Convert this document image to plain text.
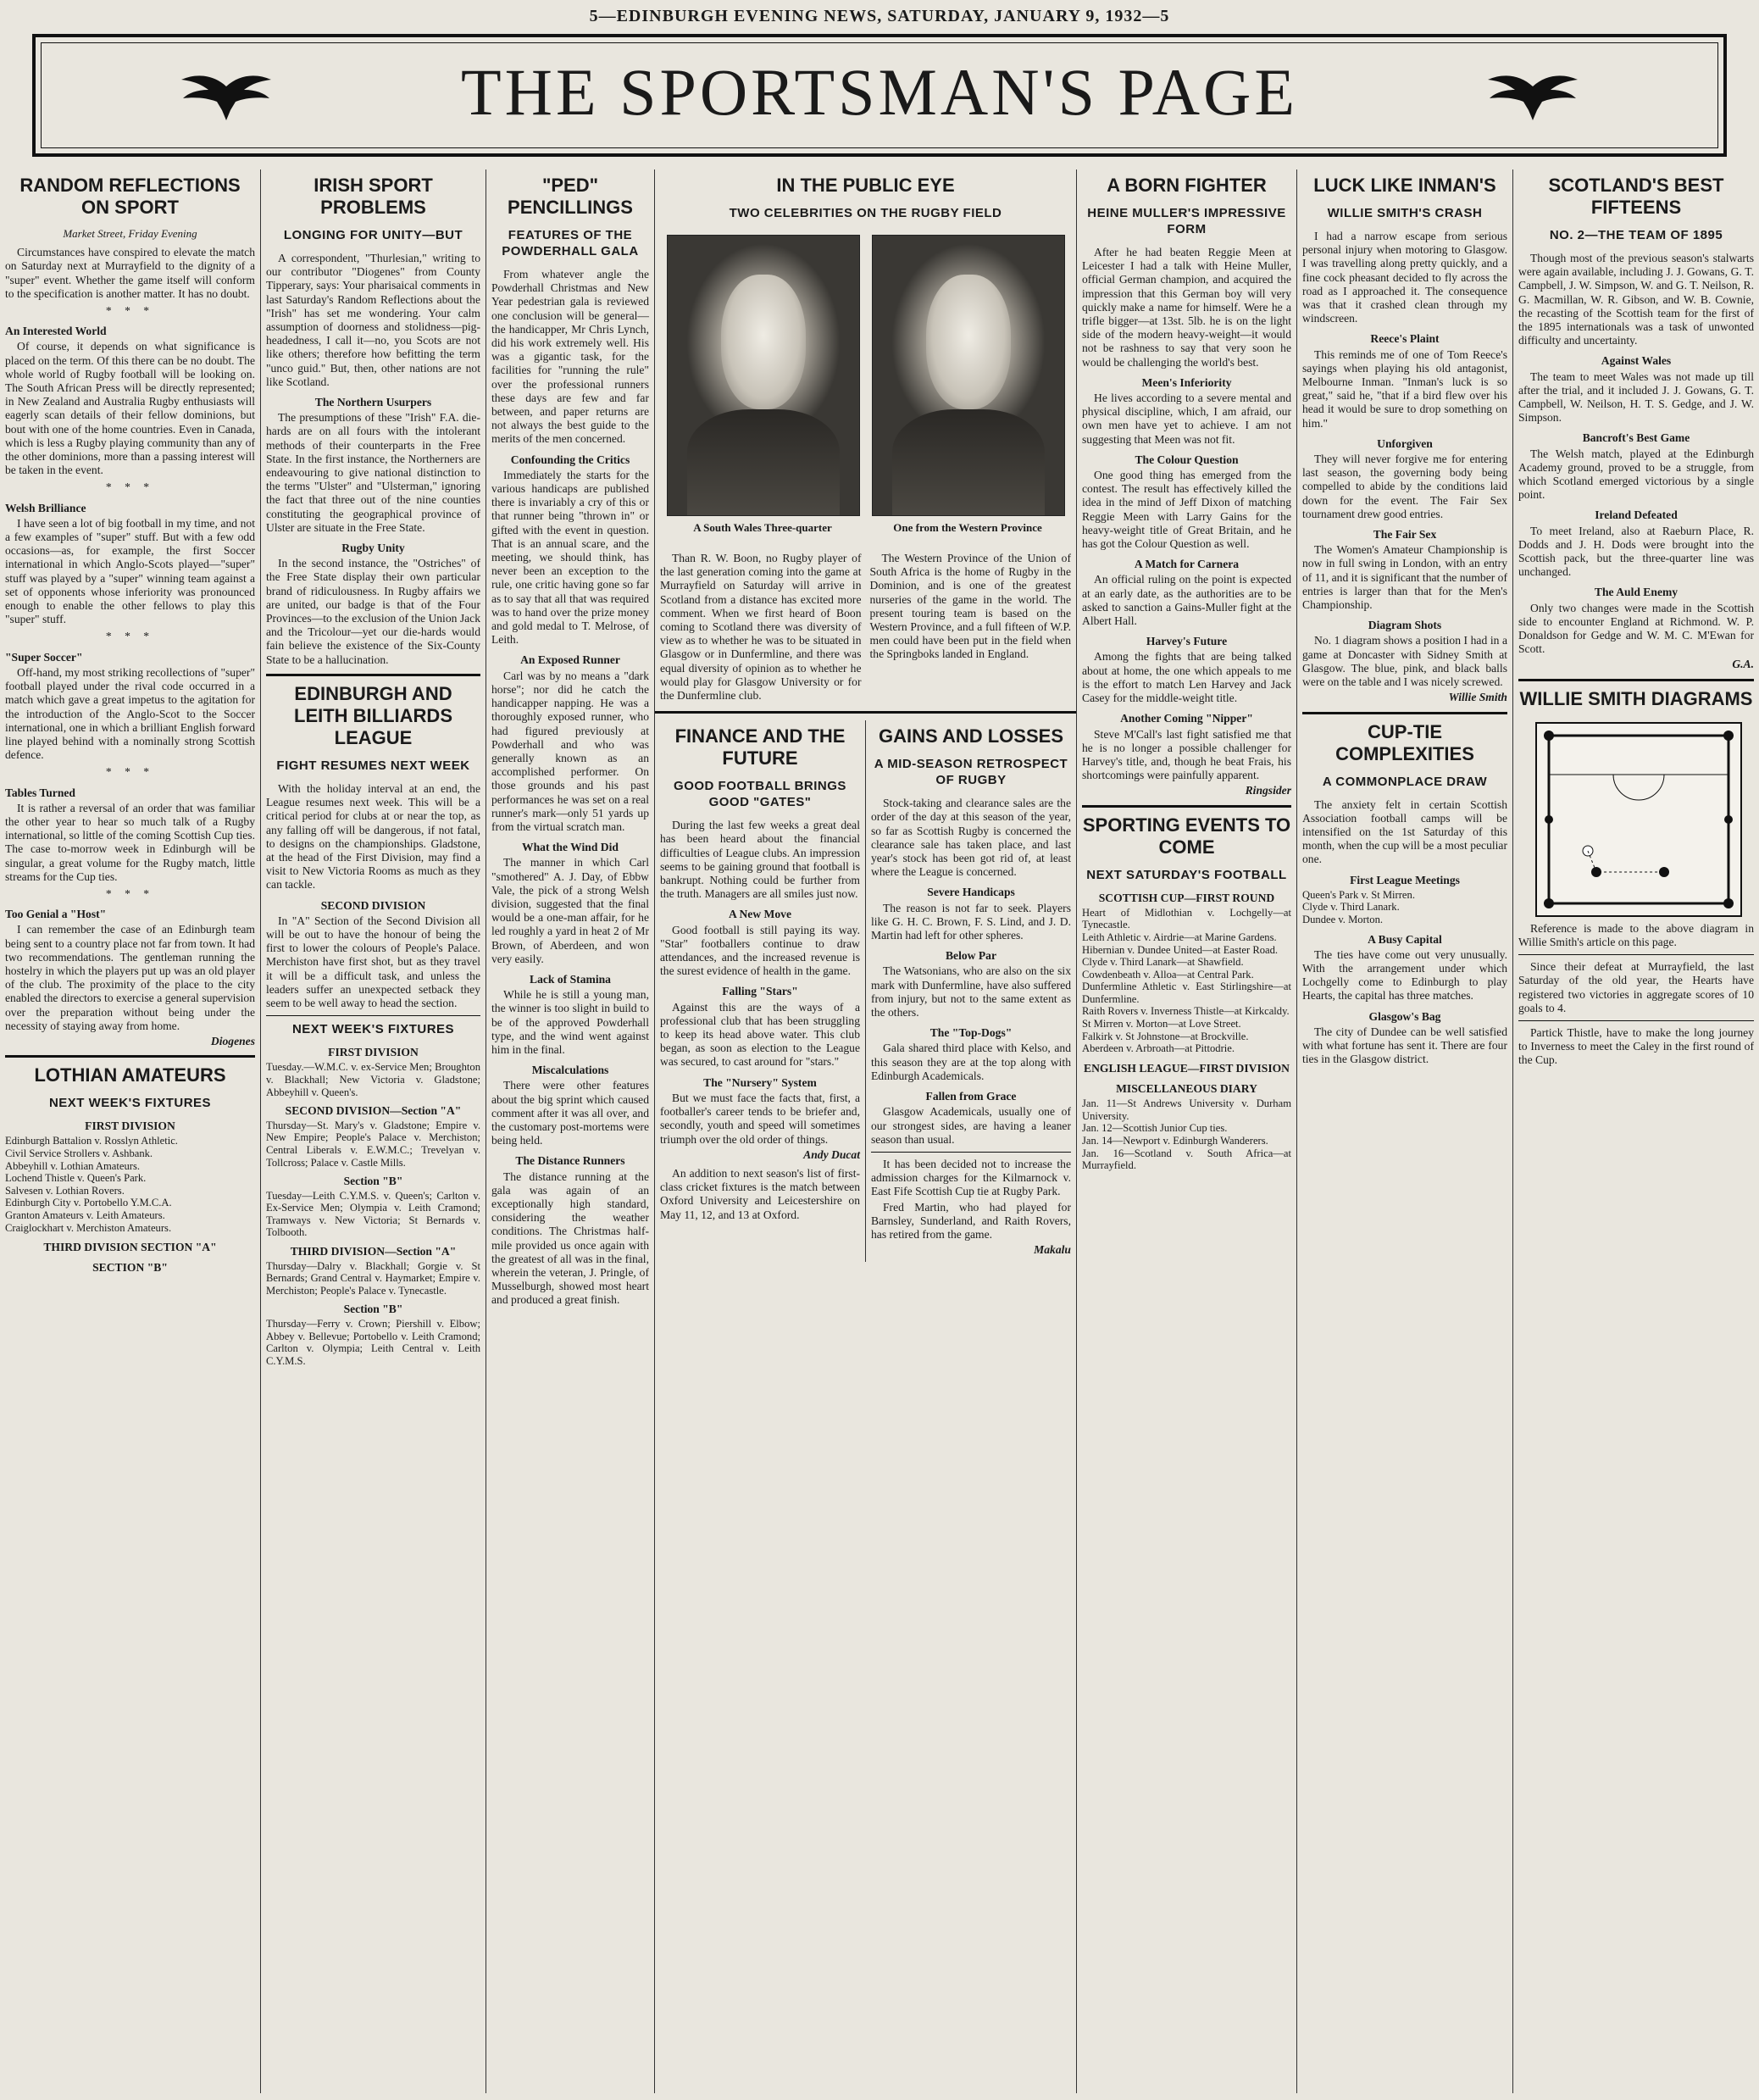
5—EDINBURGH EVENING NEWS, SATURDAY, JANUARY 9, 1932—5
THE SPORTSMAN'S PAGE
RANDOM REFLECTIONS ON SPORT
Market Street, Friday Evening

Circumstances have conspired to elevate the match on Saturday next at Murrayfield to the dignity of a "super" event. Whether the game itself will conform to the specification is another matter. It has no doubt.

* * *
An Interested World

Of course, it depends on what significance is placed on the term. Of this there can be no doubt. The whole world of Rugby football will be looking on. The South African Press will be directly represented; in New Zealand and Australia Rugby enthusiasts will eagerly scan details of their fellow dominions, but bout with one of the home countries. Even in Canada, which is less a Rugby playing community than any of the other dominions, more than a passing interest will be taken in the event.

* * *
Welsh Brilliance

I have seen a lot of big football in my time, and not a few examples of "super" stuff. But with a few odd occasions—as, for example, the first Soccer international in which Anglo-Scots played—"super" stuff was played by a "super" winning team against a set of opponents whose inferiority was pronounced enough to enable the other fellows to play this "super" stuff.

* * *
"Super Soccer"

Off-hand, my most striking recollections of "super" football played under the rival code occurred in a match which gave a great impetus to the agitation for the introduction of the Anglo-Scot to the Soccer international, one in which a brilliant English forward line played behind with a nominally strong Scottish defence.

* * *
Tables Turned

It is rather a reversal of an order that was familiar the other year to hear so much talk of a Rugby international, so little of the coming Scottish Cup ties. The case to-morrow week in Edinburgh will be singular, a great volume for the Rugby match, little streams for the Cup ties.

* * *
Too Genial a "Host"

I can remember the case of an Edinburgh team being sent to a country place not far from town. It had two recommendations. The gentleman running the hostelry in which the players put up was an old player of the club. The proximity of the place to the city enabled the directors to exercise a general supervision over the preparation without being under the necessity of staying away from home.

Diogenes
LOTHIAN AMATEURS
NEXT WEEK'S FIXTURES
FIRST DIVISION
Edinburgh Battalion v. Rosslyn Athletic.
Civil Service Strollers v. Ashbank.
Abbeyhill v. Lothian Amateurs.
Lochend Thistle v. Queen's Park.
Salvesen v. Lothian Rovers.
Edinburgh City v. Portobello Y.M.C.A.
Granton Amateurs v. Leith Amateurs.
Craiglockhart v. Merchiston Amateurs.
THIRD DIVISION SECTION "A"
SECTION "B"
IRISH SPORT PROBLEMS
LONGING FOR UNITY—BUT

A correspondent, "Thurlesian," writing to our contributor "Diogenes" from County Tipperary, says: Your pharisaical comments in last Saturday's Random Reflections about the "Irish" has set me wondering. Your calm assumption of doorness and stolidness—pig-headedness, I call it—no, you Scots are not like others; therefore how befitting the term "unco guid." But, then, other nations are not like Scotland.

The Northern Usurpers

The presumptions of these "Irish" F.A. die-hards are on all fours with the intolerant methods of their counterparts in the Free State. In the first instance, the Northerners are endeavouring to give national distinction to the terms "Ulster" and "Ulsterman," ignoring the fact that three out of the nine counties constituting the geographical province of Ulster are situate in the Free State.

Rugby Unity

In the second instance, the "Ostriches" of the Free State display their own particular brand of ridiculousness. In Rugby affairs we are united, our badge is that of the Four Provinces—to the exclusion of the Union Jack and the Tricolour—yet our die-hards would fain believe the existence of the Six-County State to be a hallucination.

EDINBURGH AND LEITH BILLIARDS LEAGUE
FIGHT RESUMES NEXT WEEK

With the holiday interval at an end, the League resumes next week. This will be a critical period for clubs at or near the top, as any falling off will be dangerous, if not fatal, to designs on the championships. Gladstone, at the head of the First Division, may find a visit to New Victoria Rooms as much as they can tackle.

SECOND DIVISION

In "A" Section of the Second Division all will be out to have the honour of being the first to lower the colours of People's Palace. Merchiston have first shot, but as they travel it will be a difficult task, and unless the leaders suffer an unexpected setback they seem to be well away to head the section.

NEXT WEEK'S FIXTURES
FIRST DIVISION
Tuesday.—W.M.C. v. ex-Service Men; Broughton v. Blackhall; New Victoria v. Gladstone; Abbeyhill v. Queen's.
SECOND DIVISION—Section "A"
Thursday—St. Mary's v. Gladstone; Empire v. New Empire; People's Palace v. Merchiston; Central Liberals v. E.W.M.C.; Trevelyan v. Tollcross; Palace v. Castle Mills.
Section "B"
Tuesday—Leith C.Y.M.S. v. Queen's; Carlton v. Ex-Service Men; Olympia v. Leith Cramond; Tramways v. New Victoria; St Bernards v. Tolbooth.
THIRD DIVISION—Section "A"
Thursday—Dalry v. Blackhall; Gorgie v. St Bernards; Grand Central v. Haymarket; Empire v. Merchiston; People's Palace v. Tynecastle.
Section "B"
Thursday—Ferry v. Crown; Piershill v. Elbow; Abbey v. Bellevue; Portobello v. Leith Cramond; Carlton v. Olympia; Leith Central v. Leith C.Y.M.S.
"PED" PENCILLINGS
FEATURES OF THE POWDERHALL GALA

From whatever angle the Powderhall Christmas and New Year pedestrian gala is reviewed one conclusion will be general—the handicapper, Mr Chris Lynch, did his work extremely well. His was a gigantic task, for the facilities for "running the rule" over the professional runners these days are few and far between, and paper returns are not always the best guide to the merits of the men concerned.

Confounding the Critics

Immediately the starts for the various handicaps are published there is invariably a cry of this or that runner being "thrown in" or gifted with the event in question. That is an annual scare, and the meeting, we should think, has never been an exception to the rule, one critic having gone so far as to say that all that was required was to hand over the prize money and gold medal to T. Melrose, of Leith.

An Exposed Runner

Carl was by no means a "dark horse"; nor did he catch the handicapper napping. He was a thoroughly exposed runner, who had figured previously at Powderhall and who was generally known as an accomplished performer. On those grounds and his past performances he was set on a real runner's mark—only 51 yards up from the virtual scratch man.

What the Wind Did

The manner in which Carl "smothered" A. J. Day, of Ebbw Vale, the pick of a strong Welsh division, suggested that the final would be a one-man affair, for he led roughly a yard in heat 2 of Mr Brown, of Aberdeen, and won very easily.

Lack of Stamina

While he is still a young man, the winner is too slight in build to be of the approved Powderhall type, and the wind went against him in the final.

Miscalculations

There were other features about the big sprint which caused comment after it was all over, and the customary post-mortems were being held.

The Distance Runners

The distance running at the gala was again of an exceptionally high standard, considering the weather conditions. The Christmas half-mile provided us once again with the greatest of all was in the final, wherein the veteran, J. Pringle, of Musselburgh, showed most heart and produced a great finish.

IN THE PUBLIC EYE
TWO CELEBRITIES ON THE RUGBY FIELD
A South Wales Three-quarter	One from the Western Province

Than R. W. Boon, no Rugby player of the last generation coming into the game at Murrayfield on Saturday will arrive in Scotland from a distance has excited more comment. When we first heard of Boon coming to Scotland there was diversity of view as to whether he was to be situated in Glasgow or in Dunfermline, and there was equal diversity of opinion as to whether he would play for Glasgow University or for the Dunfermline club.

The Western Province of the Union of South Africa is the home of Rugby in the Dominion, and is one of the greatest nurseries of the game in the world. The present touring team is based on the Western Province, and a full fifteen of W.P. men could have been put in the field when the Springboks landed in England.

FINANCE AND THE FUTURE
GOOD FOOTBALL BRINGS GOOD "GATES"

During the last few weeks a great deal has been heard about the financial difficulties of League clubs. An impression seems to be gaining ground that football is bankrupt. Nothing could be further from the truth. Managers are all smiles just now.

A New Move

Good football is still paying its way. "Star" footballers continue to draw attendances, and the increased revenue is the surest evidence of health in the game.

Falling "Stars"

Against this are the ways of a professional club that has been struggling to keep its head above water. This club began, as soon as election to the League was secured, to cast around for "stars."

The "Nursery" System

But we must face the facts that, first, a footballer's career tends to be briefer and, secondly, youth and speed will sometimes triumph over the old order of things.

Andy Ducat

An addition to next season's list of first-class cricket fixtures is the match between Oxford University and Leicestershire on May 11, 12, and 13 at Oxford.

GAINS AND LOSSES
A MID-SEASON RETROSPECT OF RUGBY

Stock-taking and clearance sales are the order of the day at this season of the year, so far as Scottish Rugby is concerned the clearance sale has taken place, and last year's stock has been got rid of, at least where the League is concerned.

Severe Handicaps

The reason is not far to seek. Players like G. H. C. Brown, F. S. Lind, and J. D. Martin had left for other spheres.

Below Par

The Watsonians, who are also on the six mark with Dunfermline, have also suffered from injury, but not to the same extent as the others.

The "Top-Dogs"

Gala shared third place with Kelso, and this season they are at the top along with Edinburgh Academicals.

Fallen from Grace

Glasgow Academicals, usually one of our strongest sides, are having a leaner season than usual.

It has been decided not to increase the admission charges for the Kilmarnock v. East Fife Scottish Cup tie at Rugby Park.

Fred Martin, who had played for Barnsley, Sunderland, and Raith Rovers, has retired from the game.

Makalu
A BORN FIGHTER
HEINE MULLER'S IMPRESSIVE FORM

After he had beaten Reggie Meen at Leicester I had a talk with Heine Muller, official German champion, and acquired the impression that this German boy will very quickly make a name for himself. Were he a trifle bigger—at 13st. 5lb. he is on the light side of the modern heavy-weight—it would not be rashness to say that very soon he would be challenging the world's best.

Meen's Inferiority

He lives according to a severe mental and physical discipline, which, I am afraid, our own men have yet to achieve. I am not suggesting that Meen was not fit.

The Colour Question

One good thing has emerged from the contest. The result has effectively killed the idea in the mind of Jeff Dixon of matching Reggie Meen with Larry Gains for the heavy-weight title of Great Britain, and he has got the Colour Question as well.

A Match for Carnera

An official ruling on the point is expected at an early date, as the authorities are to be asked to sanction a Gains-Muller fight at the Albert Hall.

Harvey's Future

Among the fights that are being talked about at home, the one which appeals to me is the effort to match Len Harvey and Jack Casey for the middle-weight title.

Another Coming "Nipper"

Steve M'Call's last fight satisfied me that he is no longer a possible challenger for Harvey's title, and, though he beat Frais, his shortcomings were painfully apparent.

Ringsider
SPORTING EVENTS TO COME
NEXT SATURDAY'S FOOTBALL
SCOTTISH CUP—FIRST ROUND
Heart of Midlothian v. Lochgelly—at Tynecastle.
Leith Athletic v. Airdrie—at Marine Gardens.
Hibernian v. Dundee United—at Easter Road.
Clyde v. Third Lanark—at Shawfield.
Cowdenbeath v. Alloa—at Central Park.
Dunfermline Athletic v. East Stirlingshire—at Dunfermline.
Raith Rovers v. Inverness Thistle—at Kirkcaldy.
St Mirren v. Morton—at Love Street.
Falkirk v. St Johnstone—at Brockville.
Aberdeen v. Arbroath—at Pittodrie.
ENGLISH LEAGUE—FIRST DIVISION
MISCELLANEOUS DIARY
Jan. 11—St Andrews University v. Durham University.
Jan. 12—Scottish Junior Cup ties.
Jan. 14—Newport v. Edinburgh Wanderers.
Jan. 16—Scotland v. South Africa—at Murrayfield.
LUCK LIKE INMAN'S
WILLIE SMITH'S CRASH

I had a narrow escape from serious personal injury when motoring to Glasgow. I was travelling along pretty quickly, and a fine cock pheasant decided to fly across the road as I approached it. The consequence was that it crashed clean through my windscreen.

Reece's Plaint

This reminds me of one of Tom Reece's sayings when playing his old antagonist, Melbourne Inman. "Inman's luck is so great," said he, "that if a bird flew over his head it would be sure to drop something on him."

Unforgiven

They will never forgive me for entering last season, the governing body being compelled to abide by the conditions laid down for the event. The Fair Sex tournament drew good entries.

The Fair Sex

The Women's Amateur Championship is now in full swing in London, with an entry of 11, and it is significant that the number of entries is larger than that for the Men's Championship.

Diagram Shots

No. 1 diagram shows a position I had in a game at Doncaster with Sidney Smith at Glasgow. The blue, pink, and black balls were on the table and I was nicely screwed.

Willie Smith
CUP-TIE COMPLEXITIES
A COMMONPLACE DRAW

The anxiety felt in certain Scottish Association football camps will be intensified on the 1st Saturday of this month, when the cup will be a most peculiar one.

First League Meetings
Queen's Park v. St Mirren.
Clyde v. Third Lanark.
Dundee v. Morton.
A Busy Capital

The ties have come out very unusually. With the arrangement under which Lochgelly come to Edinburgh to play Hearts, the capital has three matches.

Glasgow's Bag

The city of Dundee can be well satisfied with what fortune has sent it. There are four ties in the Glasgow district.

SCOTLAND'S BEST FIFTEENS
NO. 2—THE TEAM OF 1895

Though most of the previous season's stalwarts were again available, including J. J. Gowans, G. T. Campbell, J. W. Simpson, W. and G. T. Neilson, R. G. Macmillan, W. R. Gibson, and W. B. Cownie, the recasting of the Scottish team for the first of the 1895 internationals was a task of unwonted difficulty and uncertainty.

Against Wales

The team to meet Wales was not made up till after the trial, and it included J. J. Gowans, G. T. Campbell, W. Neilson, H. T. S. Gedge, and J. W. Simpson.

Bancroft's Best Game

The Welsh match, played at the Edinburgh Academy ground, proved to be a struggle, from which Scotland emerged victorious by a single point.

Ireland Defeated

To meet Ireland, also at Raeburn Place, R. Dodds and J. H. Dods were brought into the Scottish pack, but the three-quarter line was unchanged.

The Auld Enemy

Only two changes were made in the Scottish side to encounter England at Richmond. W. P. Donaldson for Gedge and W. M. C. M'Ewan for Scott.

G.A.
WILLIE SMITH DIAGRAMS

Reference is made to the above diagram in Willie Smith's article on this page.

Since their defeat at Murrayfield, the last Saturday of the old year, the Hearts have registered two victories in aggregate scores of 10 goals to 4.

Partick Thistle, have to make the long journey to Inverness to meet the Caley in the first round of the Cup.
